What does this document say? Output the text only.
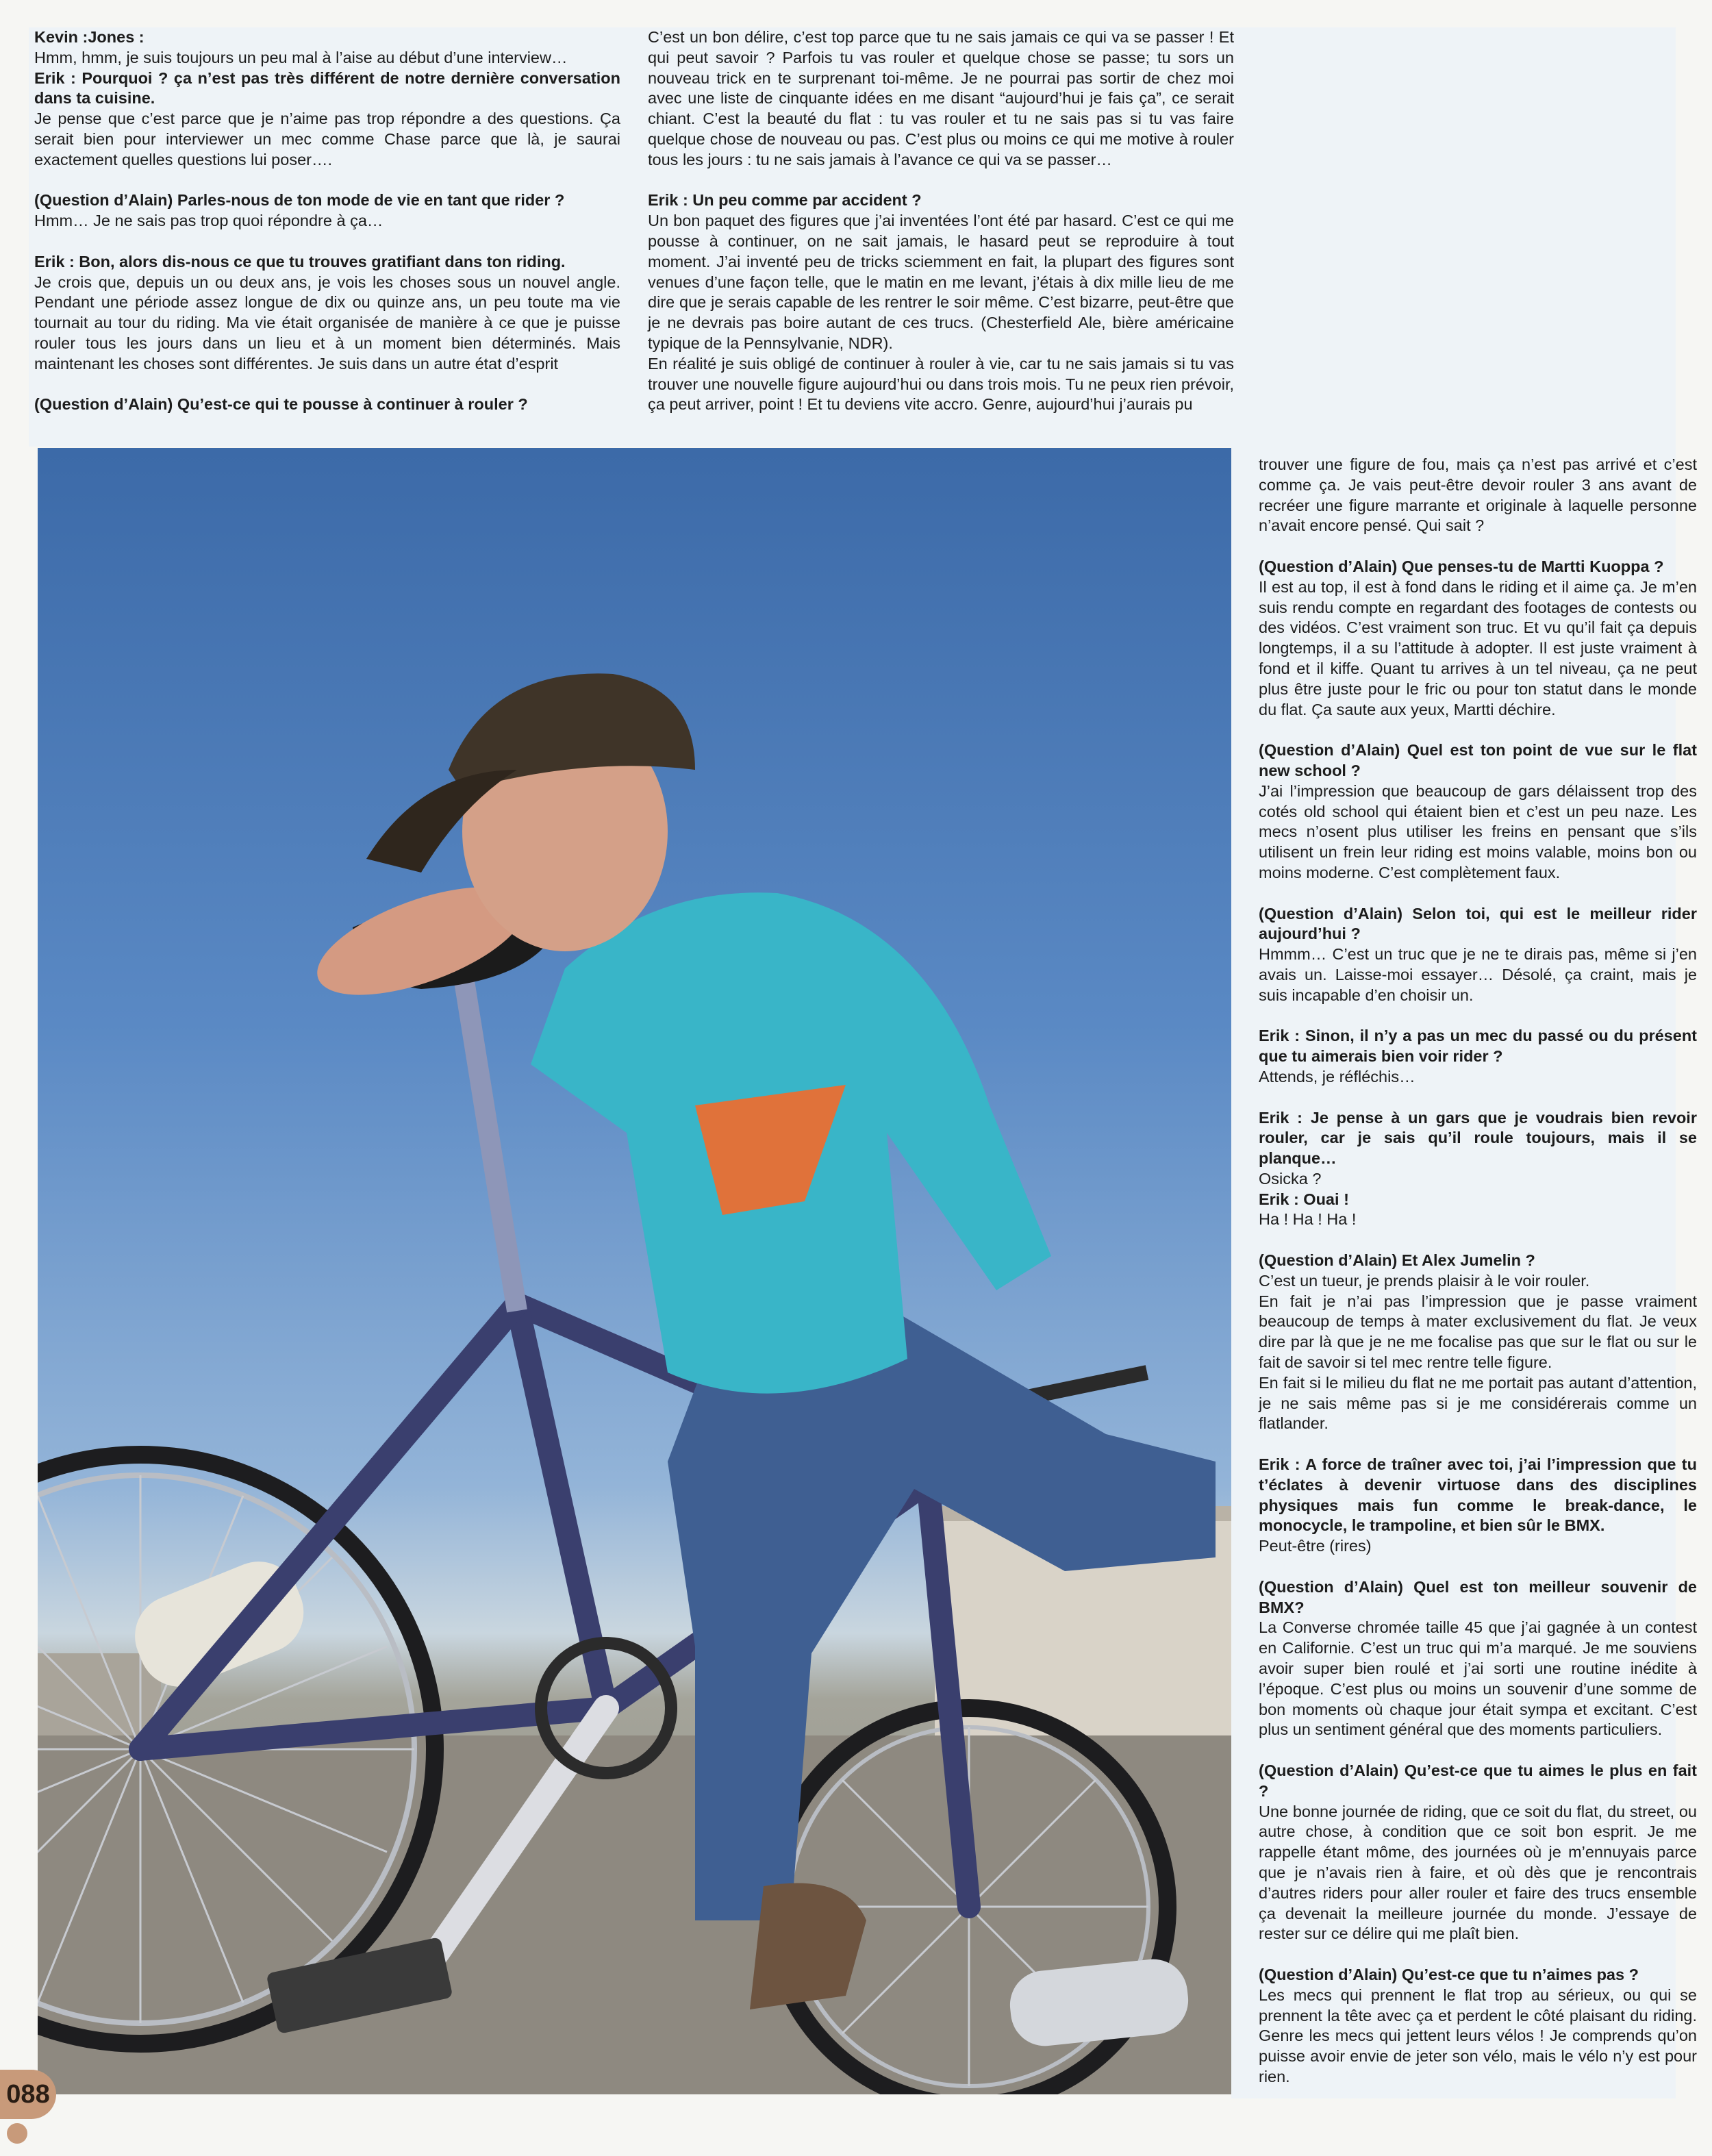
Kevin :Jones :

Hmm, hmm, je suis toujours un peu mal à l’aise au début d’une interview…

Erik : Pourquoi ? ça n’est pas très différent de notre dernière conversation dans ta cuisine.

Je pense que c’est parce que je n’aime pas trop répondre a des questions. Ça serait bien pour interviewer un mec comme Chase parce que là, je saurai exactement quelles questions lui poser….

(Question d’Alain) Parles-nous de ton mode de vie en tant que rider ?

Hmm… Je ne sais pas trop quoi répondre à ça…

Erik : Bon, alors dis-nous ce que tu trouves gratifiant dans ton riding.

Je crois que, depuis un ou deux ans, je vois les choses sous un nouvel angle. Pendant une période assez longue de dix ou quinze ans, un peu toute ma vie tournait au tour du riding. Ma vie était organisée de manière à ce que je puisse rouler tous les jours dans un lieu et à un moment bien déterminés. Mais maintenant les choses sont différentes. Je suis dans un autre état d’esprit

(Question d’Alain) Qu’est-ce qui te pousse à continuer à rouler ?

C’est un bon délire, c’est top parce que tu ne sais jamais ce qui va se passer ! Et qui peut savoir ? Parfois tu vas rouler et quelque chose se passe; tu sors un nouveau trick en te surprenant toi-même. Je ne pourrai pas sortir de chez moi avec une liste de cinquante idées en me disant “aujourd’hui je fais ça”, ce serait chiant. C’est la beauté du flat : tu vas rouler et tu ne sais pas si tu vas faire quelque chose de nouveau ou pas. C’est plus ou moins ce qui me motive à rouler tous les jours : tu ne sais jamais à l’avance ce qui va se passer…

Erik : Un peu comme par accident ?

Un bon paquet des figures que j’ai inventées l’ont été par hasard. C’est ce qui me pousse à continuer, on ne sait jamais, le hasard peut se reproduire à tout moment. J’ai inventé peu de tricks sciemment en fait, la plupart des figures sont venues d’une façon telle, que le matin en me levant, j’étais à dix mille lieu de me dire que je serais capable de les rentrer le soir même. C’est bizarre, peut-être que je ne devrais pas boire autant de ces trucs. (Chesterfield Ale, bière américaine typique de la Pennsylvanie, NDR).

En réalité je suis obligé de continuer à rouler à vie, car tu ne sais jamais si tu vas trouver une nouvelle figure aujourd’hui ou dans trois mois. Tu ne peux rien prévoir, ça peut arriver, point ! Et tu deviens vite accro. Genre, aujourd’hui j’aurais pu

trouver une figure de fou, mais ça n’est pas arrivé et c’est comme ça. Je vais peut-être devoir rouler 3 ans avant de recréer une figure marrante et originale à laquelle personne n’avait encore pensé. Qui sait ?

(Question d’Alain) Que penses-tu de Martti Kuoppa ?

Il est au top, il est à fond dans le riding et il aime ça. Je m’en suis rendu compte en regardant des footages de contests ou des vidéos. C’est vraiment son truc. Et vu qu’il fait ça depuis longtemps, il a su l’attitude à adopter. Il est juste vraiment à fond et il kiffe. Quant tu arrives à un tel niveau, ça ne peut plus être juste pour le fric ou pour ton statut dans le monde du flat. Ça saute aux yeux, Martti déchire.

(Question d’Alain) Quel est ton point de vue sur le flat new school ?

J’ai l’impression que beaucoup de gars délaissent trop des cotés old school qui étaient bien et c’est un peu naze. Les mecs n’osent plus utiliser les freins en pensant que s’ils utilisent un frein leur riding est moins valable, moins bon ou moins moderne. C’est complètement faux.

(Question d’Alain) Selon toi, qui est le meilleur rider aujourd’hui ?

Hmmm… C’est un truc que je ne te dirais pas, même si j’en avais un. Laisse-moi essayer… Désolé, ça craint, mais je suis incapable d’en choisir un.

Erik : Sinon, il n’y a pas un mec du passé ou du présent que tu aimerais bien voir rider ?

Attends, je réfléchis…

Erik : Je pense à un gars que je voudrais bien revoir rouler, car je sais qu’il roule toujours, mais il se planque…

Osicka ?

Erik : Ouai !

Ha ! Ha ! Ha !

(Question d’Alain) Et Alex Jumelin ?

C’est un tueur, je prends plaisir à le voir rouler.

En fait je n’ai pas l’impression que je passe vraiment beaucoup de temps à mater exclusivement du flat. Je veux dire par là que je ne me focalise pas que sur le flat ou sur le fait de savoir si tel mec rentre telle figure.

En fait si le milieu du flat ne me portait pas autant d’attention, je ne sais même pas si je me considérerais comme un flatlander.

Erik : A force de traîner avec toi, j’ai l’impression que tu t’éclates à devenir virtuose dans des disciplines physiques mais fun comme le break-dance, le monocycle, le trampoline, et bien sûr le BMX.

Peut-être (rires)

(Question d’Alain) Quel est ton meilleur souvenir de BMX?

La Converse chromée taille 45 que j’ai gagnée à un contest en Californie. C’est un truc qui m’a marqué. Je me souviens avoir super bien roulé et j’ai sorti une routine inédite à l’époque. C’est plus ou moins un souvenir d’une somme de bon moments où chaque jour était sympa et excitant. C’est plus un sentiment général que des moments particuliers.

(Question d’Alain) Qu’est-ce que tu aimes le plus en fait ?

Une bonne journée de riding, que ce soit du flat, du street, ou autre chose, à condition que ce soit bon esprit. Je me rappelle étant môme, des journées où je m’ennuyais parce que je n’avais rien à faire, et où dès que je rencontrais d’autres riders pour aller rouler et faire des trucs ensemble ça devenait la meilleure journée du monde. J’essaye de rester sur ce délire qui me plaît bien.

(Question d’Alain) Qu’est-ce que tu n’aimes pas ?

Les mecs qui prennent le flat trop au sérieux, ou qui se prennent la tête avec ça et perdent le côté plaisant du riding. Genre les mecs qui jettent leurs vélos ! Je comprends qu’on puisse avoir envie de jeter son vélo, mais le vélo n’y est pour rien.

088
